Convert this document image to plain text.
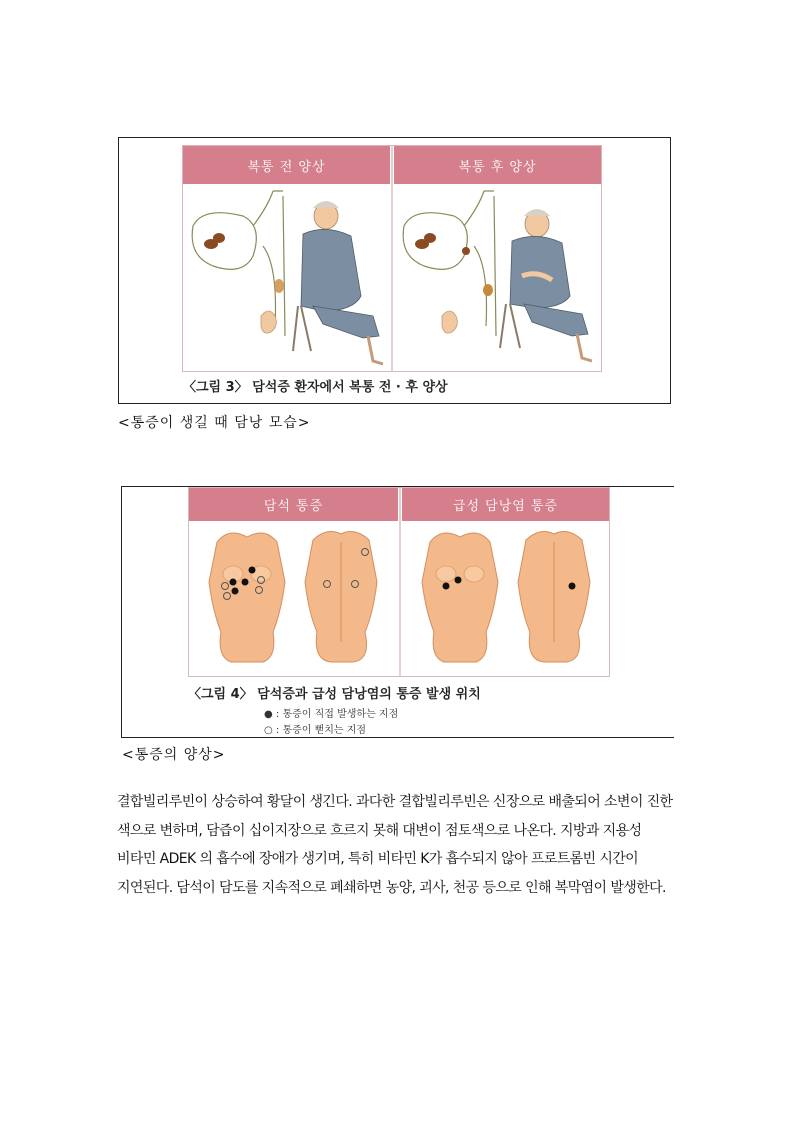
복통 전 양상	복통 후 양상
〈그림 3〉 담석증 환자에서 복통 전 · 후 양상
<통증이 생길 때 담낭 모습>
담석 통증	급성 담낭염 통증
〈그림 4〉 담석증과 급성 담낭염의 통증 발생 위치
● : 통증이 직접 발생하는 지점
○ : 통증이 뻗치는 지점
<통증의 양상>
결합빌리루빈이 상승하여 황달이 생긴다. 과다한 결합빌리루빈은 신장으로 배출되어 소변이 진한
색으로 변하며, 담즙이 십이지장으로 흐르지 못해 대변이 점토색으로 나온다. 지방과 지용성
비타민 ADEK 의 흡수에 장애가 생기며, 특히 비타민 K가 흡수되지 않아 프로트롬빈 시간이
지연된다. 담석이 담도를 지속적으로 폐쇄하면 농양, 괴사, 천공 등으로 인해 복막염이 발생한다.
